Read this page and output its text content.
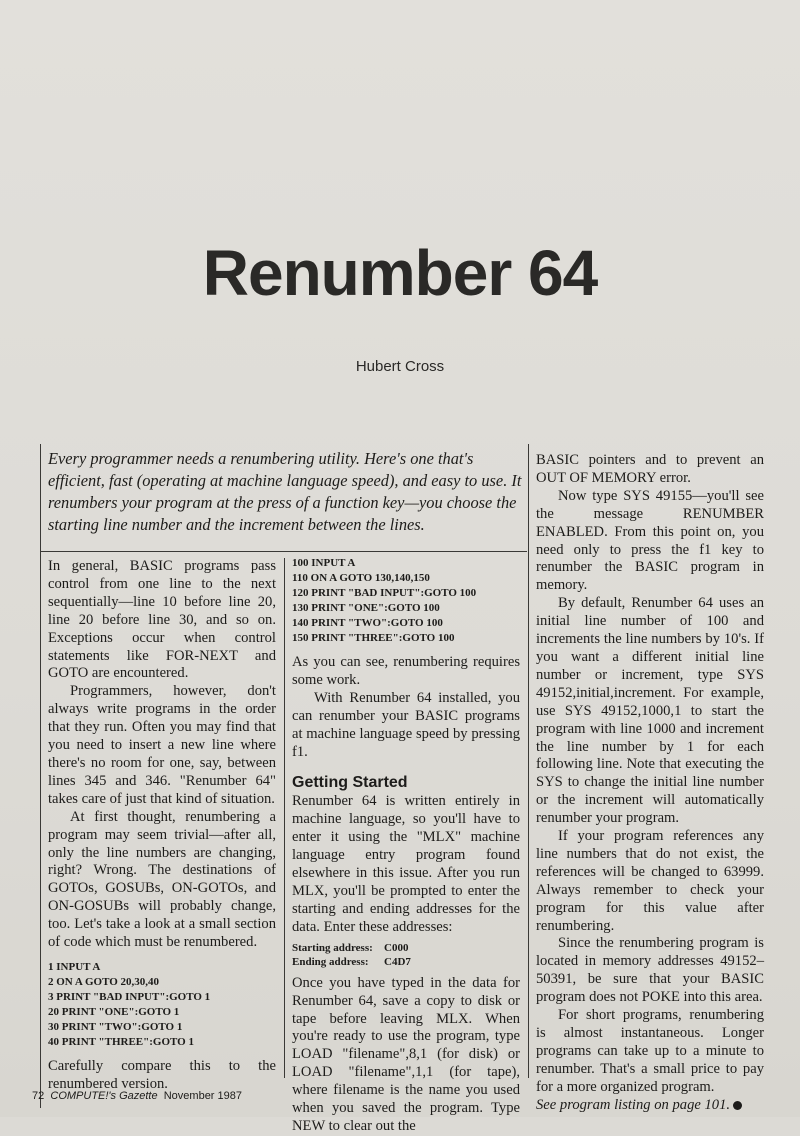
Renumber 64
Hubert Cross

Every programmer needs a renumbering utility. Here's one that's efficient, fast (operating at machine language speed), and easy to use. It renumbers your program at the press of a function key—you choose the starting line number and the increment between the lines.

In general, BASIC programs pass control from one line to the next sequentially—line 10 before line 20, line 20 before line 30, and so on. Exceptions occur when control statements like FOR-NEXT and GOTO are encountered.

Programmers, however, don't always write programs in the order that they run. Often you may find that you need to insert a new line where there's no room for one, say, between lines 345 and 346. "Renumber 64" takes care of just that kind of situation.

At first thought, renumbering a program may seem trivial—after all, only the line numbers are changing, right? Wrong. The destinations of GOTOs, GOSUBs, ON-GOTOs, and ON-GOSUBs will probably change, too. Let's take a look at a small section of code which must be renumbered.

1 INPUT A
2 ON A GOTO 20,30,40
3 PRINT "BAD INPUT":GOTO 1
20 PRINT "ONE":GOTO 1
30 PRINT "TWO":GOTO 1
40 PRINT "THREE":GOTO 1

Carefully compare this to the renumbered version.

100 INPUT A
110 ON A GOTO 130,140,150
120 PRINT "BAD INPUT":GOTO 100
130 PRINT "ONE":GOTO 100
140 PRINT "TWO":GOTO 100
150 PRINT "THREE":GOTO 100

As you can see, renumbering requires some work.

With Renumber 64 installed, you can renumber your BASIC programs at machine language speed by pressing f1.

Getting Started

Renumber 64 is written entirely in machine language, so you'll have to enter it using the "MLX" machine language entry program found elsewhere in this issue. After you run MLX, you'll be prompted to enter the starting and ending addresses for the data. Enter these addresses:

Starting address: C000
Ending address: C4D7

Once you have typed in the data for Renumber 64, save a copy to disk or tape before leaving MLX. When you're ready to use the program, type LOAD "filename",8,1 (for disk) or LOAD "filename",1,1 (for tape), where filename is the name you used when you saved the program. Type NEW to clear out the

BASIC pointers and to prevent an OUT OF MEMORY error.

Now type SYS 49155—you'll see the message RENUMBER ENABLED. From this point on, you need only to press the f1 key to renumber the BASIC program in memory.

By default, Renumber 64 uses an initial line number of 100 and increments the line numbers by 10's. If you want a different initial line number or increment, type SYS 49152,initial,increment. For example, use SYS 49152,1000,1 to start the program with line 1000 and increment the line number by 1 for each following line. Note that executing the SYS to change the initial line number or the increment will automatically renumber your program.

If your program references any line numbers that do not exist, the references will be changed to 63999. Always remember to check your program for this value after renumbering.

Since the renumbering program is located in memory addresses 49152–50391, be sure that your BASIC program does not POKE into this area.

For short programs, renumbering is almost instantaneous. Longer programs can take up to a minute to renumber. That's a small price to pay for a more organized program.

See program listing on page 101.

72 COMPUTE!'s Gazette November 1987
